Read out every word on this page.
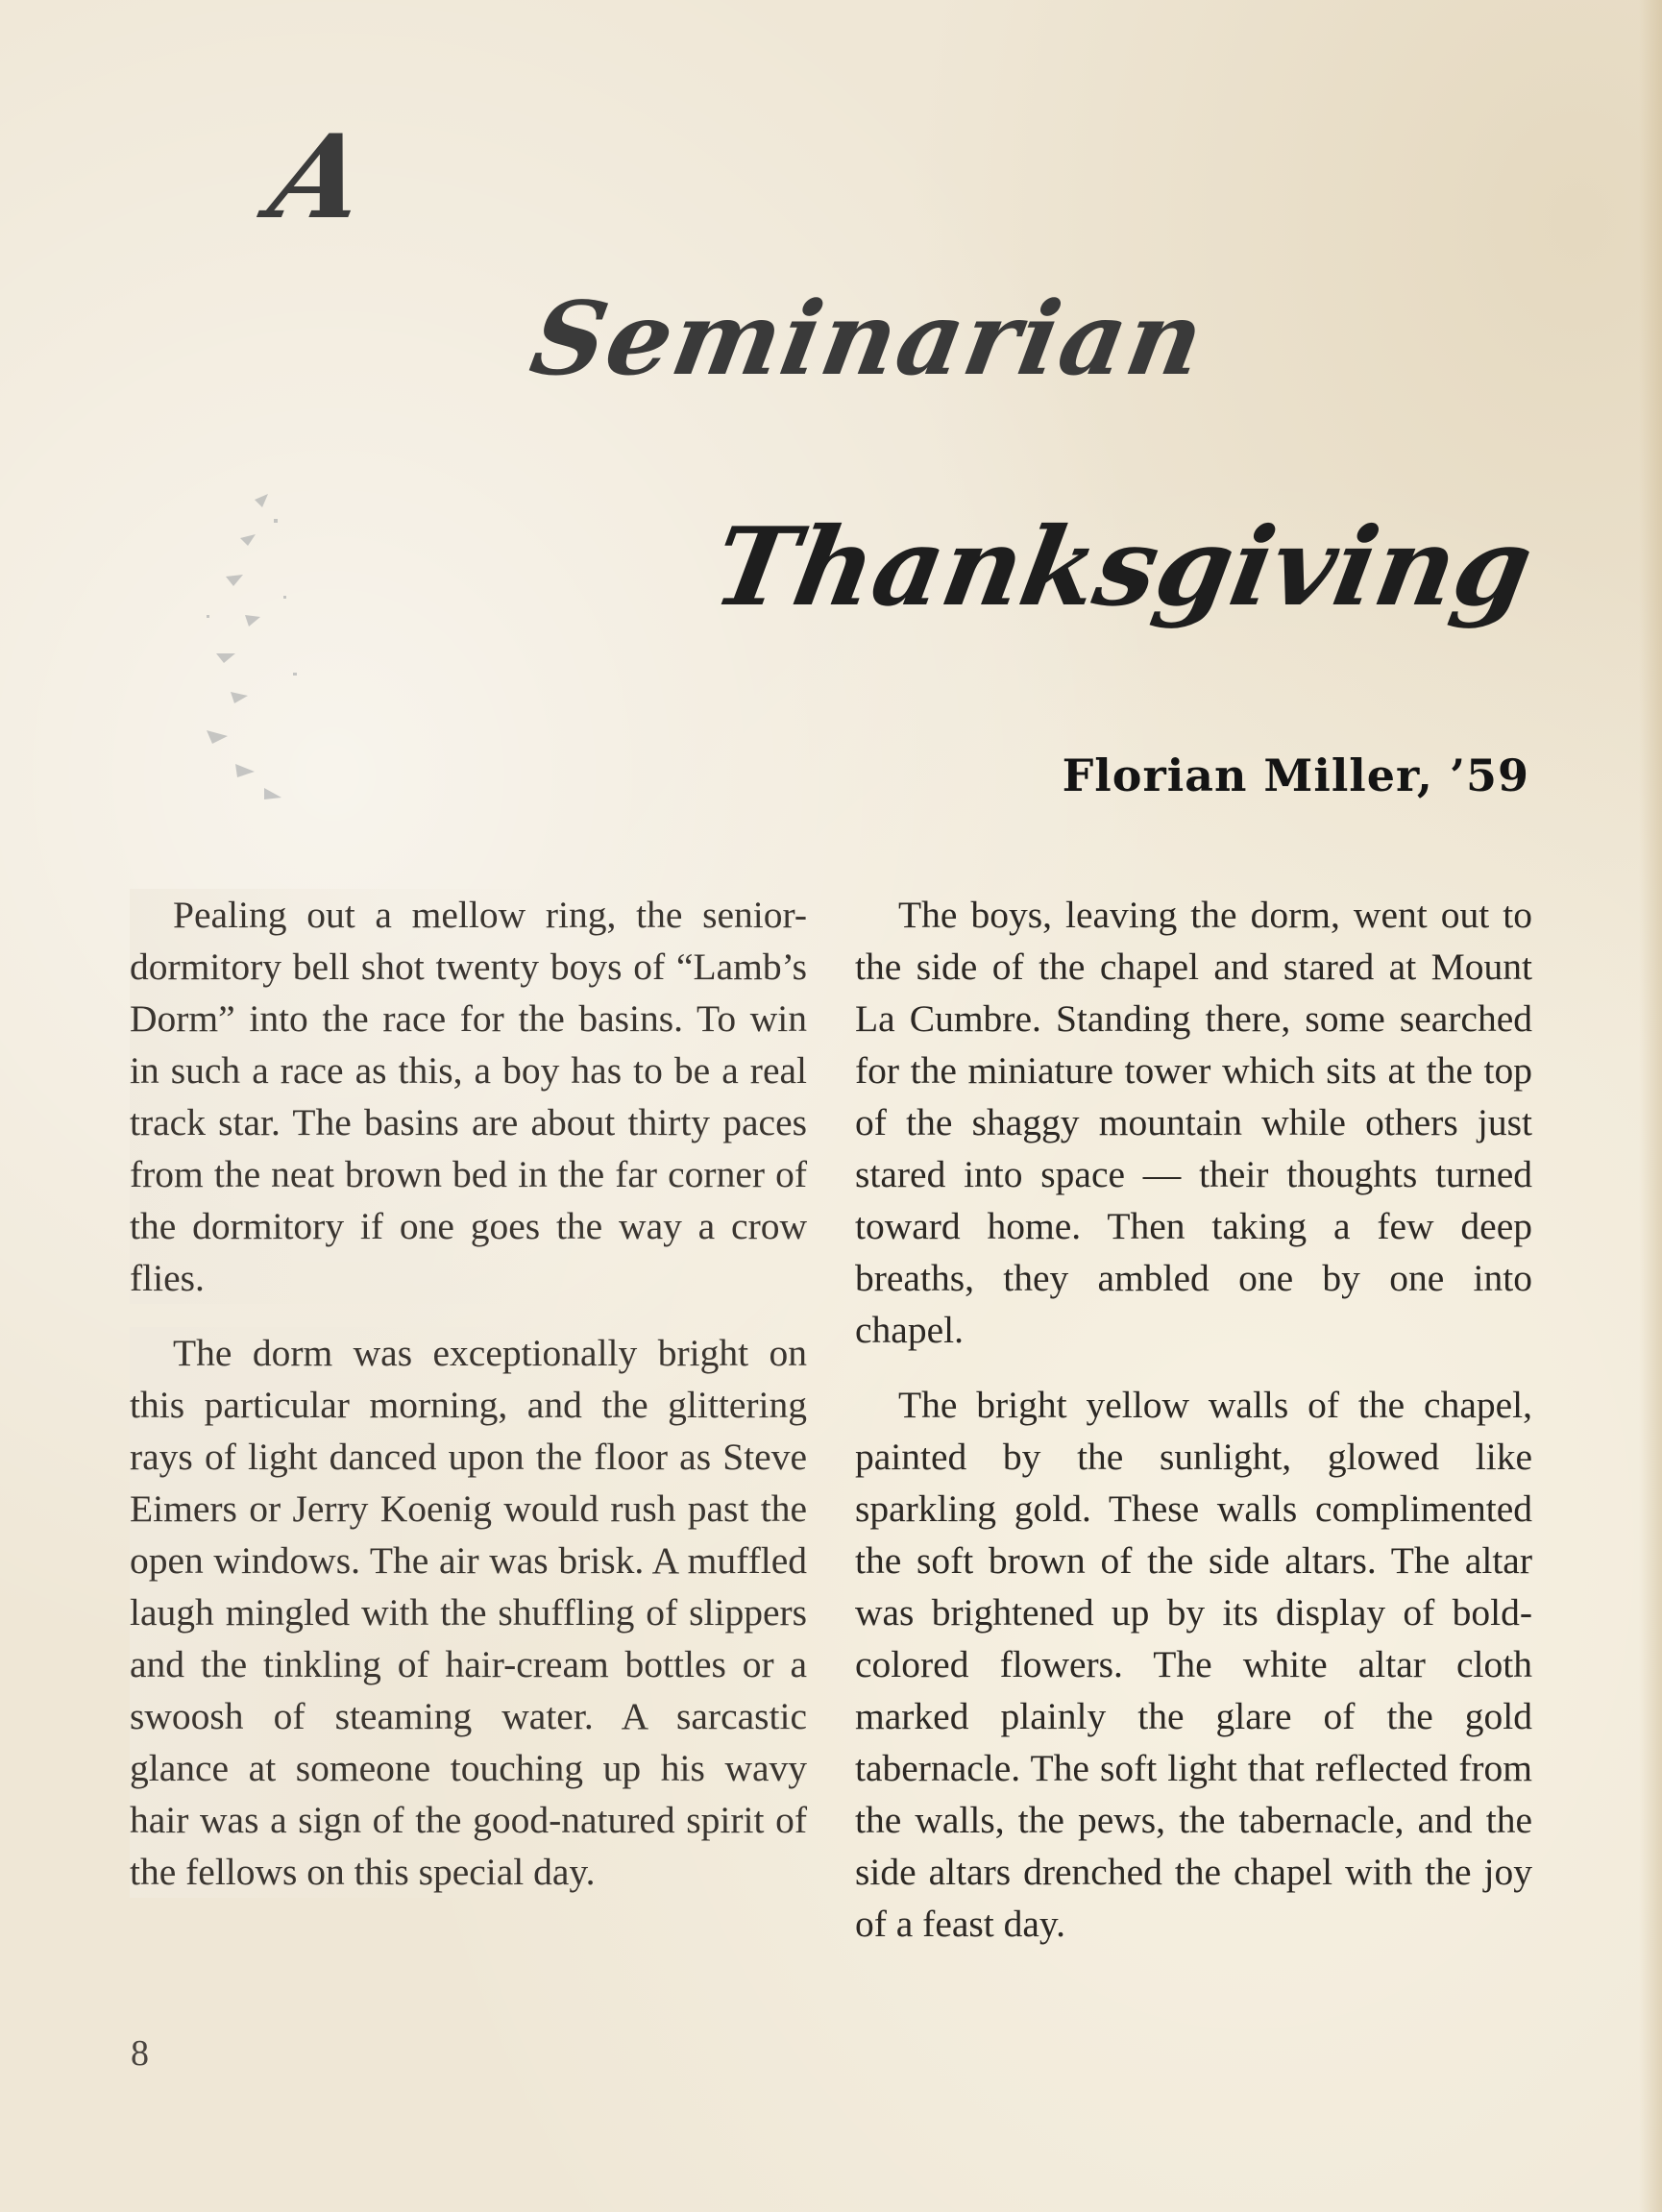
A
Seminarian
Thanksgiving
Florian Miller, ’59

Pealing out a mellow ring, the senior-dormitory bell shot twenty boys of “Lamb’s Dorm” into the race for the basins. To win in such a race as this, a boy has to be a real track star. The basins are about thirty paces from the neat brown bed in the far corner of the dormitory if one goes the way a crow flies.

The dorm was exceptionally bright on this particular morning, and the glittering rays of light danced upon the floor as Steve Eimers or Jerry Koenig would rush past the open windows. The air was brisk. A muffled laugh mingled with the shuffling of slippers and the tinkling of hair-cream bottles or a swoosh of steaming water. A sarcastic glance at someone touching up his wavy hair was a sign of the good-natured spirit of the fellows on this special day.

The boys, leaving the dorm, went out to the side of the chapel and stared at Mount La Cumbre. Standing there, some searched for the miniature tower which sits at the top of the shaggy mountain while others just stared into space — their thoughts turned toward home. Then taking a few deep breaths, they ambled one by one into chapel.

The bright yellow walls of the chapel, painted by the sunlight, glowed like sparkling gold. These walls complimented the soft brown of the side altars. The altar was brightened up by its display of bold-colored flowers. The white altar cloth marked plainly the glare of the gold tabernacle. The soft light that reflected from the walls, the pews, the tabernacle, and the side altars drenched the chapel with the joy of a feast day.

8
